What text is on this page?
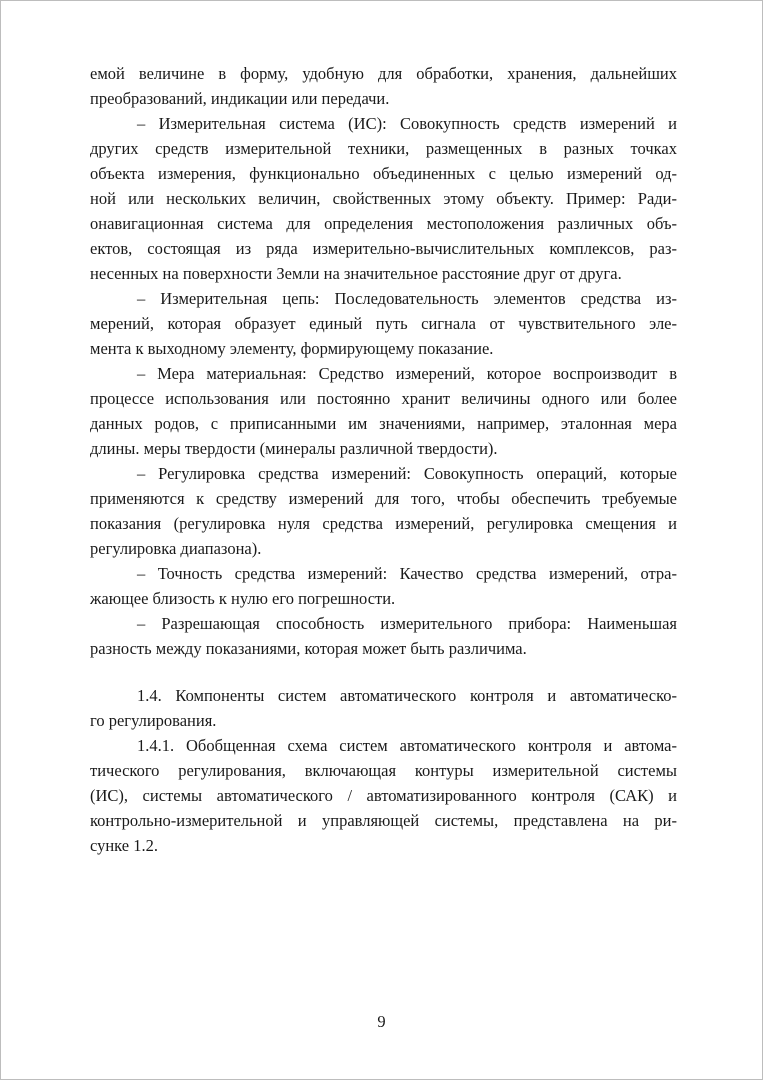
емой величине в форму, удобную для обработки, хранения, дальнейших
преобразований, индикации или передачи.
– Измерительная система (ИС): Совокупность средств измерений и
других средств измерительной техники, размещенных в разных точках
объекта измерения, функционально объединенных с целью измерений од-
ной или нескольких величин, свойственных этому объекту. Пример: Ради-
онавигационная система для определения местоположения различных объ-
ектов, состоящая из ряда измерительно-вычислительных комплексов, раз-
несенных на поверхности Земли на значительное расстояние друг от друга.
– Измерительная цепь: Последовательность элементов средства из-
мерений, которая образует единый путь сигнала от чувствительного эле-
мента к выходному элементу, формирующему показание.
– Мера материальная: Средство измерений, которое воспроизводит в
процессе использования или постоянно хранит величины одного или более
данных родов, с приписанными им значениями, например, эталонная мера
длины. меры твердости (минералы различной твердости).
– Регулировка средства измерений: Совокупность операций, которые
применяются к средству измерений для того, чтобы обеспечить требуемые
показания (регулировка нуля средства измерений, регулировка смещения и
регулировка диапазона).
– Точность средства измерений: Качество средства измерений, отра-
жающее близость к нулю его погрешности.
– Разрешающая способность измерительного прибора: Наименьшая
разность между показаниями, которая может быть различима.
1.4. Компоненты систем автоматического контроля и автоматическо-
го регулирования.
1.4.1. Обобщенная схема систем автоматического контроля и автома-
тического регулирования, включающая контуры измерительной системы
(ИС), системы автоматического / автоматизированного контроля (САК) и
контрольно-измерительной и управляющей системы, представлена на ри-
сунке 1.2.
9
